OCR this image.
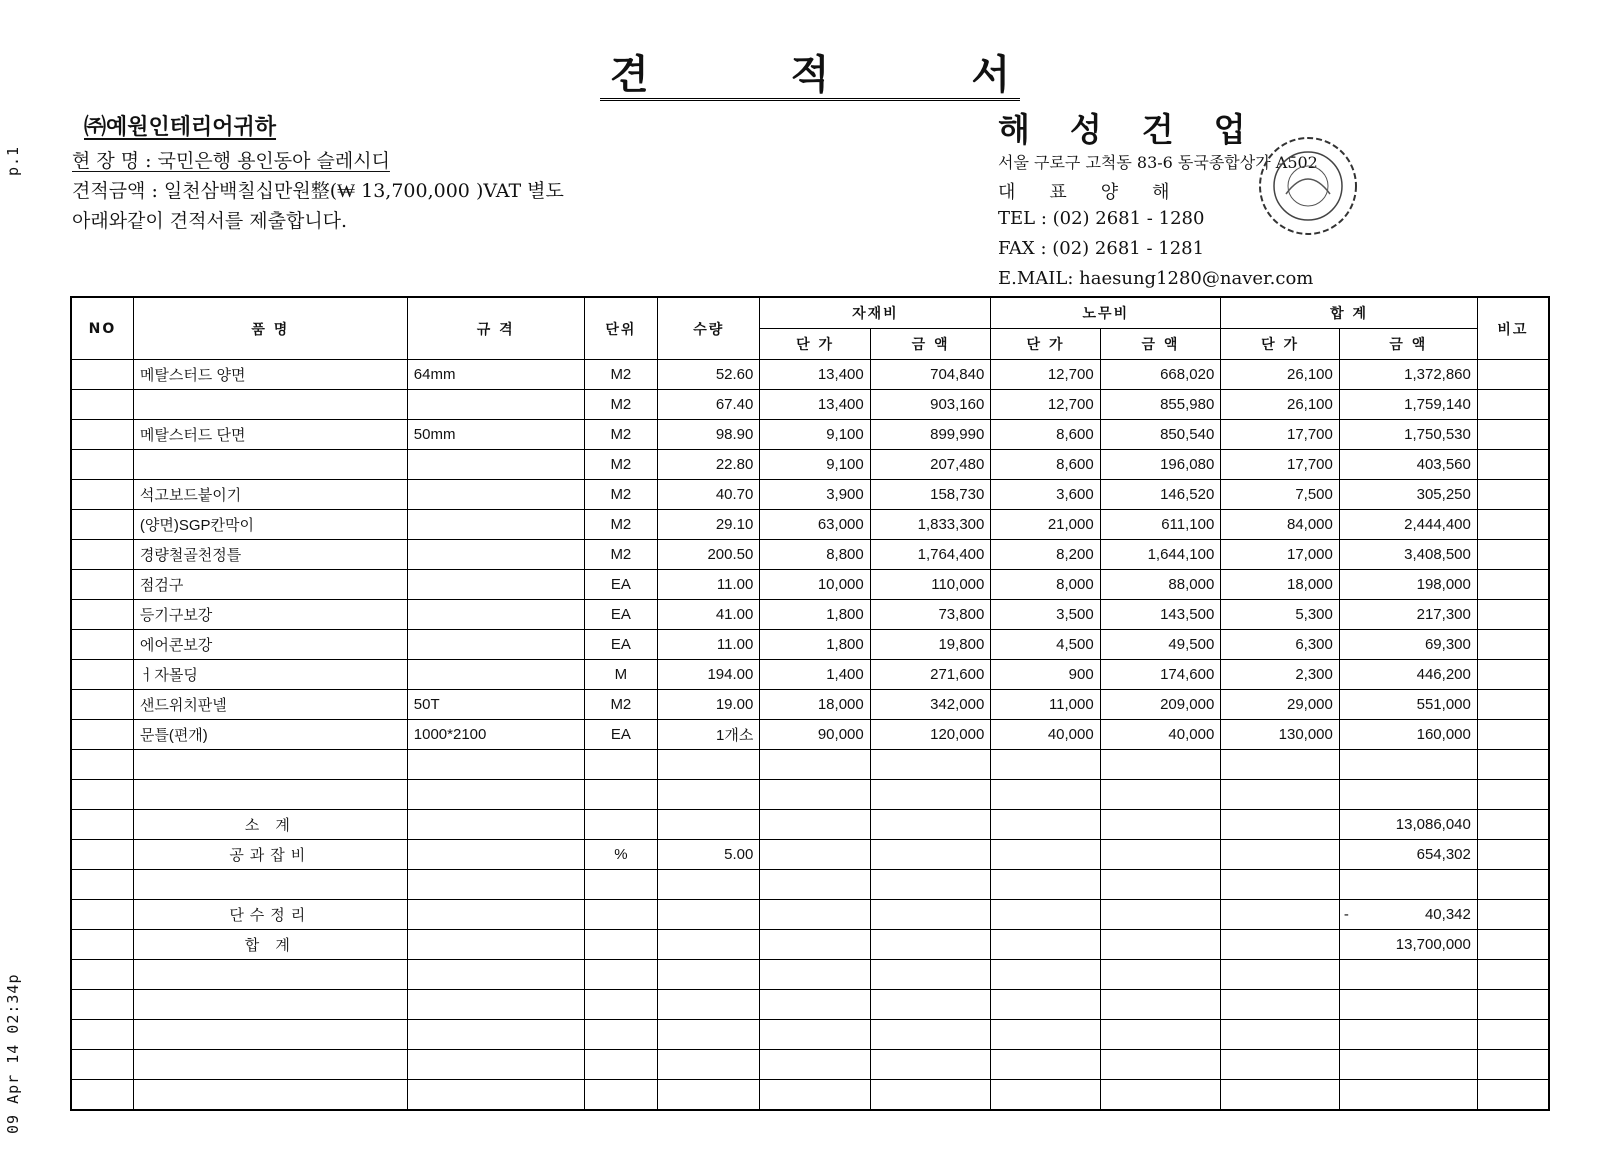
p.1
09 Apr 14 02:34p
견	적	서
㈜예원인테리어귀하
현 장 명 : 국민은행 용인동아 슬레시디
견적금액 : 일천삼백칠십만원整(₩ 13,700,000 )VAT 별도
아래와같이 견적서를 제출합니다.
해성건업
서울 구로구 고척동 83-6 동국종합상가 A502
대표양해
TEL : (02) 2681 - 1280
FAX : (02) 2681 - 1281
E.MAIL: haesung1280@naver.com
NO	품 명	규 격	단위	수량	자재비		노무비		합 계		비고
					단 가	금 액	단 가	금 액	단 가	금 액	
	메탈스터드 양면	64mm	M2	52.60	13,400	704,840	12,700	668,020	26,100	1,372,860	
			M2	67.40	13,400	903,160	12,700	855,980	26,100	1,759,140	
	메탈스터드 단면	50mm	M2	98.90	9,100	899,990	8,600	850,540	17,700	1,750,530	
			M2	22.80	9,100	207,480	8,600	196,080	17,700	403,560	
	석고보드붙이기		M2	40.70	3,900	158,730	3,600	146,520	7,500	305,250	
	(양면)SGP칸막이		M2	29.10	63,000	1,833,300	21,000	611,100	84,000	2,444,400	
	경량철골천정틀		M2	200.50	8,800	1,764,400	8,200	1,644,100	17,000	3,408,500	
	점검구		EA	11.00	10,000	110,000	8,000	88,000	18,000	198,000	
	등기구보강		EA	41.00	1,800	73,800	3,500	143,500	5,300	217,300	
	에어콘보강		EA	11.00	1,800	19,800	4,500	49,500	6,300	69,300	
	ㅓ자몰딩		M	194.00	1,400	271,600	900	174,600	2,300	446,200	
	샌드위치판넬	50T	M2	19.00	18,000	342,000	11,000	209,000	29,000	551,000	
	문틀(편개)	1000*2100	EA	1개소	90,000	120,000	40,000	40,000	130,000	160,000	

	소 계									13,086,040	
	공과잡비		%	5.00						654,302	

	단수정리									- 40,342	
	합 계									13,700,000	
